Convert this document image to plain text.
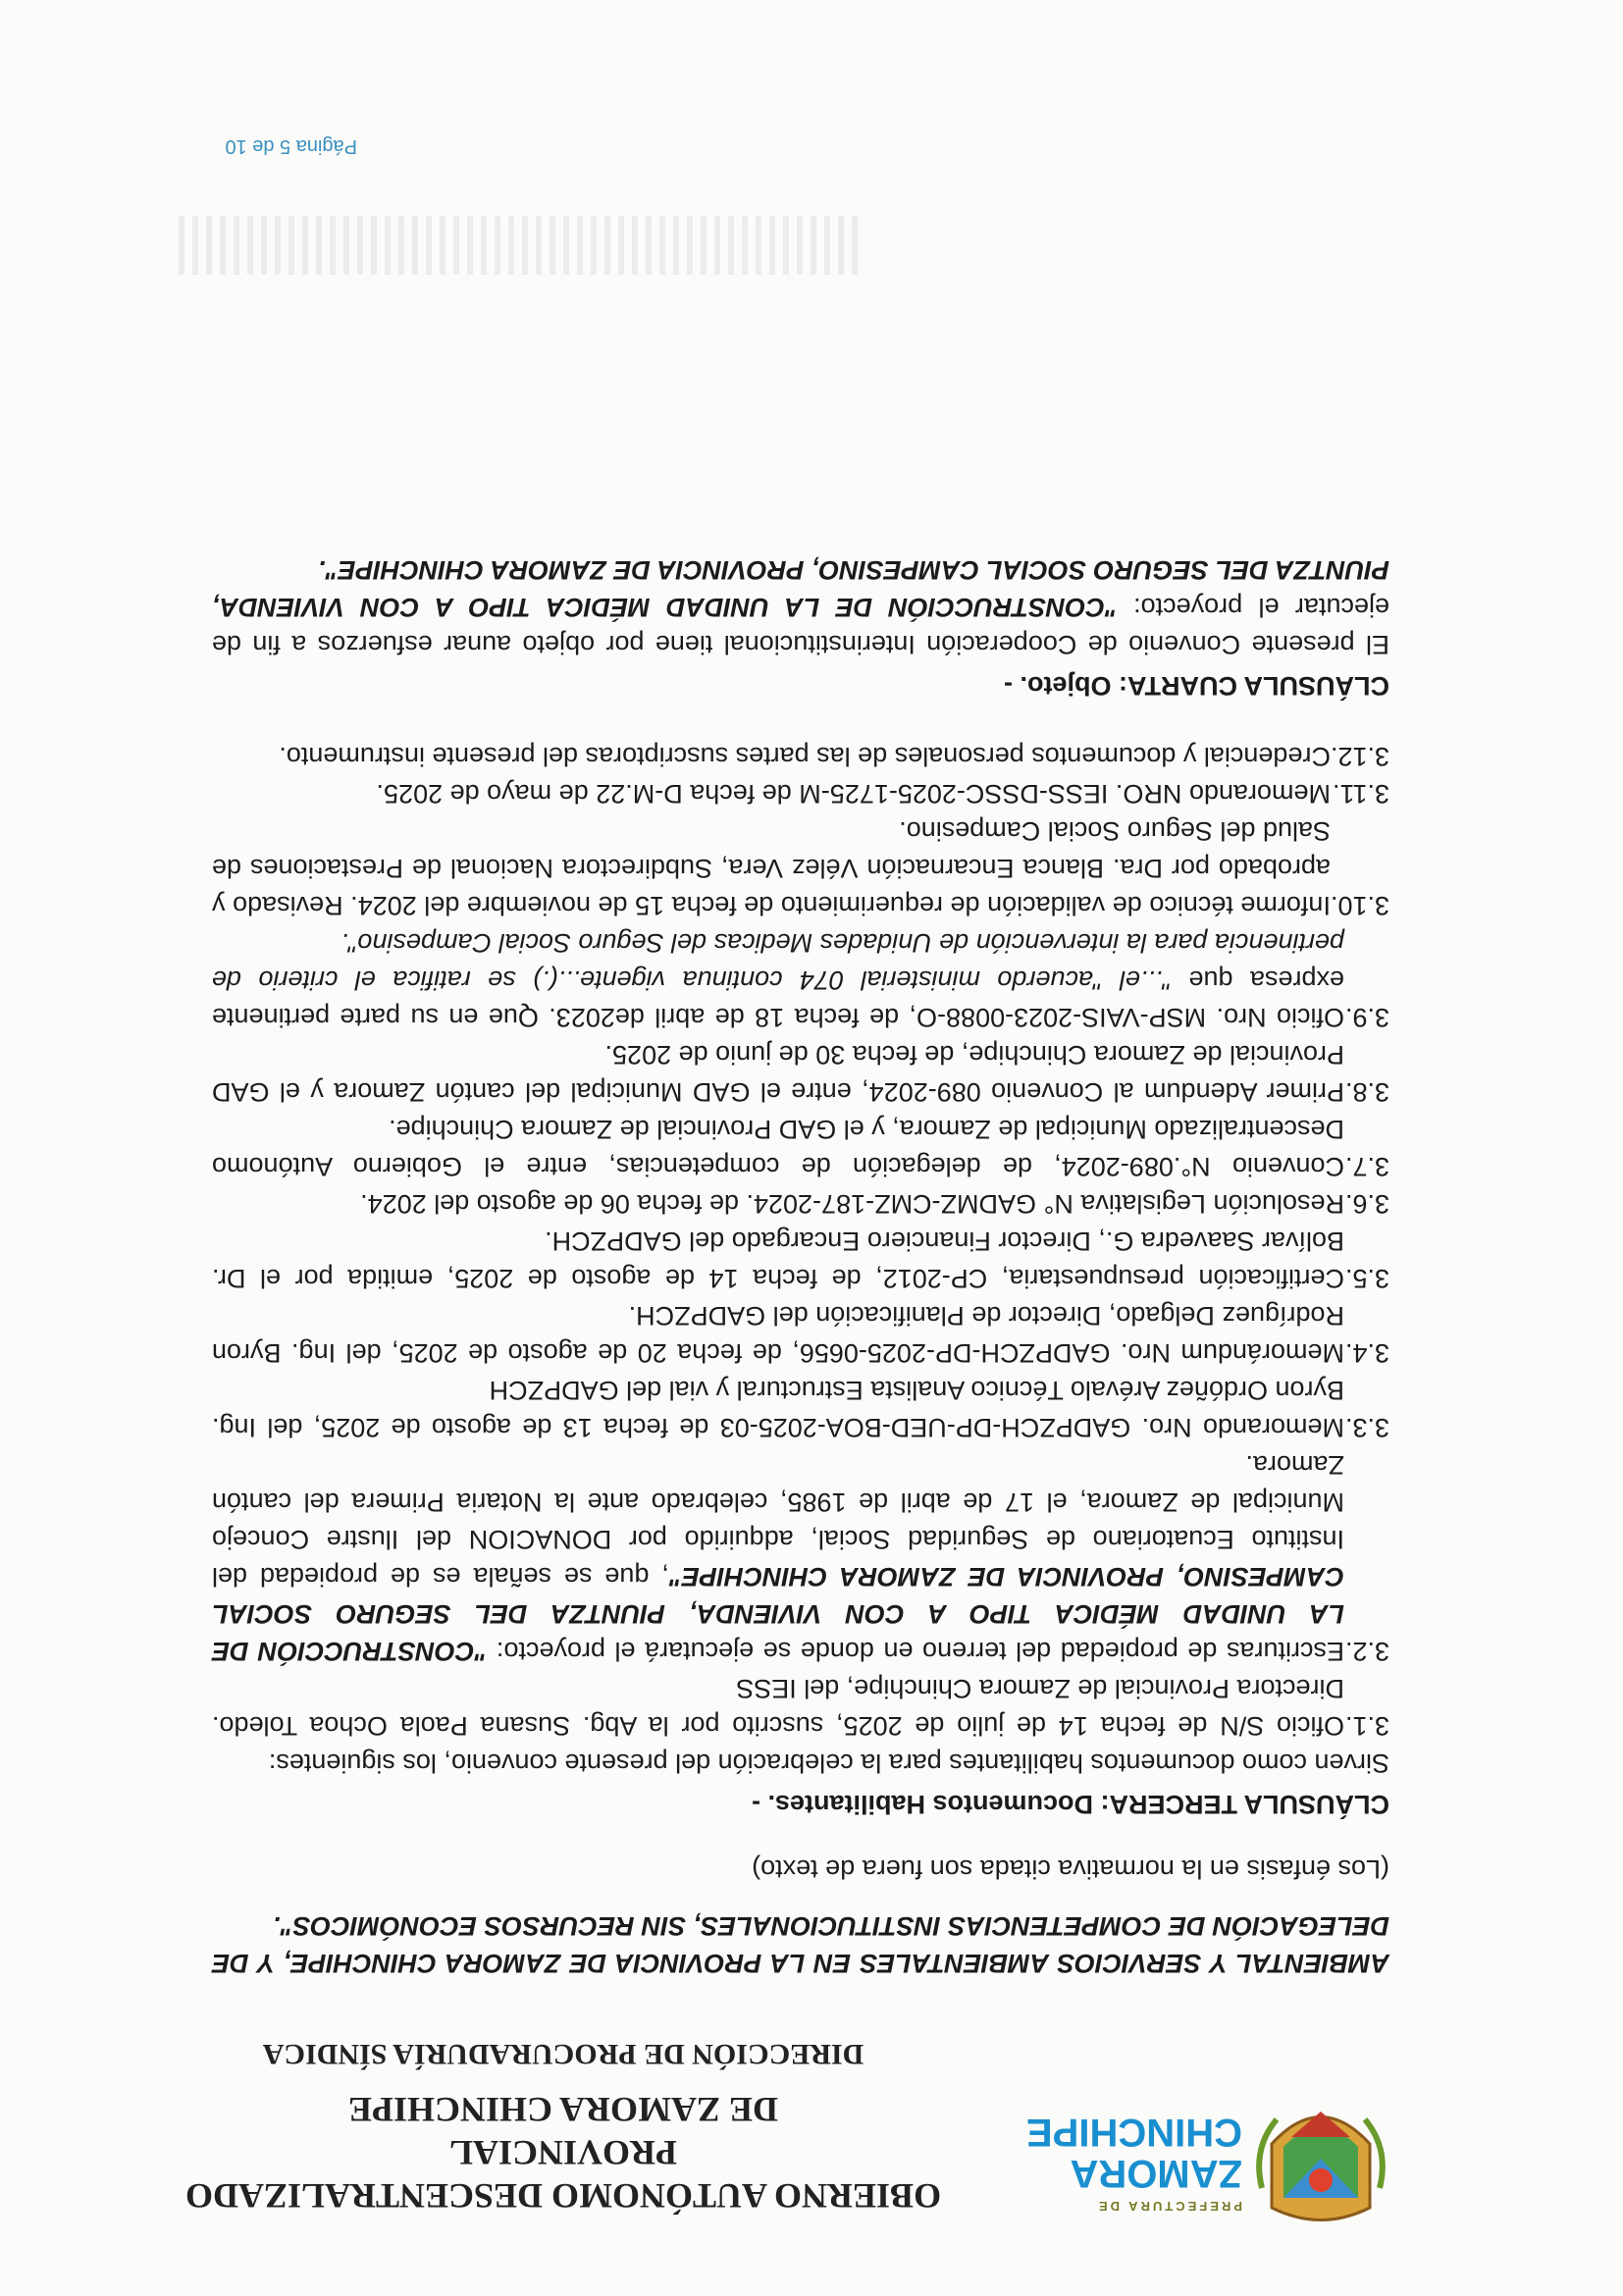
PREFECTURA DE
ZAMORA
CHINCHIPE
OBIERNO AUTÓNOMO DESCENTRALIZADO PROVINCIAL
DE ZAMORA CHINCHIPE
DIRECCIÓN DE PROCURADURÍA SÍNDICA

AMBIENTAL Y SERVICIOS AMBIENTALES EN LA PROVINCIA DE ZAMORA CHINCHIPE, Y DE DELEGACIÓN DE COMPETENCIAS INSTITUCIONALES, SIN RECURSOS ECONÓMICOS".

(Los énfasis en la normativa citada son fuera de texto)

CLÁUSULA TERCERA: Documentos Habilitantes. -

Sirven como documentos habilitantes para la celebración del presente convenio, los siguientes:

3.1.Oficio S/N de fecha 14 de julio de 2025, suscrito por la Abg. Susana Paola Ochoa Toledo. Directora Provincial de Zamora Chinchipe, del IESS
3.2.Escrituras de propiedad del terreno en donde se ejecutará el proyecto: "CONSTRUCCIÓN DE LA UNIDAD MÉDICA TIPO A CON VIVIENDA, PIUNTZA DEL SEGURO SOCIAL CAMPESINO, PROVINCIA DE ZAMORA CHINCHIPE", que se señala es de propiedad del Instituto Ecuatoriano de Seguridad Social, adquirido por DONACION del Ilustre Concejo Municipal de Zamora, el 17 de abril de 1985, celebrado ante la Notaria Primera del cantón Zamora.
3.3.Memorando Nro. GADPZCH-DP-UED-BOA-2025-03 de fecha 13 de agosto de 2025, del Ing. Byron Ordóñez Arévalo Técnico Analista Estructural y vial del GADPZCH
3.4.Memorándum Nro. GADPZCH-DP-2025-0656, de fecha 20 de agosto de 2025, del Ing. Byron Rodríguez Delgado, Director de Planificación del GADPZCH.
3.5.Certificación presupuestaria, CP-2012, de fecha 14 de agosto de 2025, emitida por el Dr. Bolívar Saavedra G., Director Financiero Encargado del GADPZCH.
3.6.Resolución Legislativa N° GADMZ-CMZ-187-2024. de fecha 06 de agosto del 2024.
3.7.Convenio N°.089-2024, de delegación de competencias, entre el Gobierno Autónomo Descentralizado Municipal de Zamora, y el GAD Provincial de Zamora Chinchipe.
3.8.Primer Adendum al Convenio 089-2024, entre el GAD Municipal del cantón Zamora y el GAD Provincial de Zamora Chinchipe, de fecha 30 de junio de 2025.
3.9.Oficio Nro. MSP-VAIS-2023-0088-O, de fecha 18 de abril de2023. Que en su parte pertinente expresa que "...el "acuerdo ministerial 074 continua vigente...(.) se ratifica el criterio de pertinencia para la intervención de Unidades Medicas del Seguro Social Campesino".
3.10.Informe técnico de validación de requerimiento de fecha 15 de noviembre del 2024. Revisado y aprobado por Dra. Blanca Encarnación Vélez Vera, Subdirectora Nacional de Prestaciones de Salud del Seguro Social Campesino.
3.11.Memorando NRO. IESS-DSSC-2025-1725-M de fecha D-M.22 de mayo de 2025.
3.12.Credencial y documentos personales de las partes suscriptoras del presente instrumento.

CLÁUSULA CUARTA: Objeto. -

El presente Convenio de Cooperación Interinstitucional tiene por objeto aunar esfuerzos a fin de ejecutar el proyecto: "CONSTRUCCIÓN DE LA UNIDAD MÉDICA TIPO A CON VIVIENDA, PIUNTZA DEL SEGURO SOCIAL CAMPESINO, PROVINCIA DE ZAMORA CHINCHIPE".

Página 5 de 10
